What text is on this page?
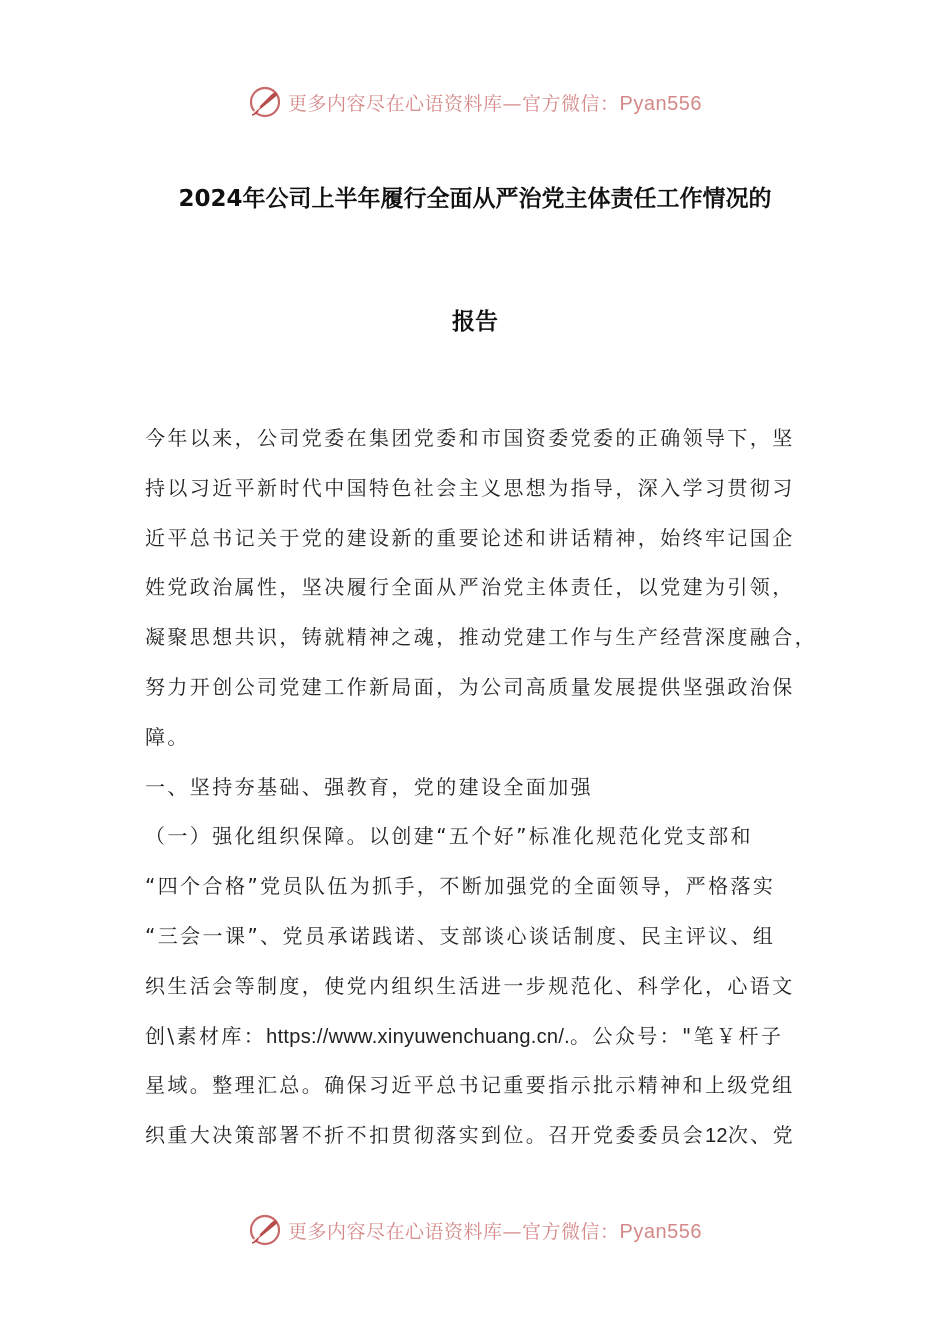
更多内容尽在心语资料库—官方微信：Pyan556
2024年公司上半年履行全面从严治党主体责任工作情况的
报告
今年以来，公司党委在集团党委和市国资委党委的正确领导下，坚
持以习近平新时代中国特色社会主义思想为指导，深入学习贯彻习
近平总书记关于党的建设新的重要论述和讲话精神，始终牢记国企
姓党政治属性，坚决履行全面从严治党主体责任，以党建为引领，
凝聚思想共识，铸就精神之魂，推动党建工作与生产经营深度融合，
努力开创公司党建工作新局面，为公司高质量发展提供坚强政治保
障。
一、坚持夯基础、强教育，党的建设全面加强
（一）强化组织保障。以创建“五个好”标准化规范化党支部和
“四个合格”党员队伍为抓手，不断加强党的全面领导，严格落实
“三会一课”、党员承诺践诺、支部谈心谈话制度、民主评议、组
织生活会等制度，使党内组织生活进一步规范化、科学化，心语文
创\素材库：https://www.xinyuwenchuang.cn/.。公众号："笔￥杆子
星域。整理汇总。确保习近平总书记重要指示批示精神和上级党组
织重大决策部署不折不扣贯彻落实到位。召开党委委员会12次、党
更多内容尽在心语资料库—官方微信：Pyan556
